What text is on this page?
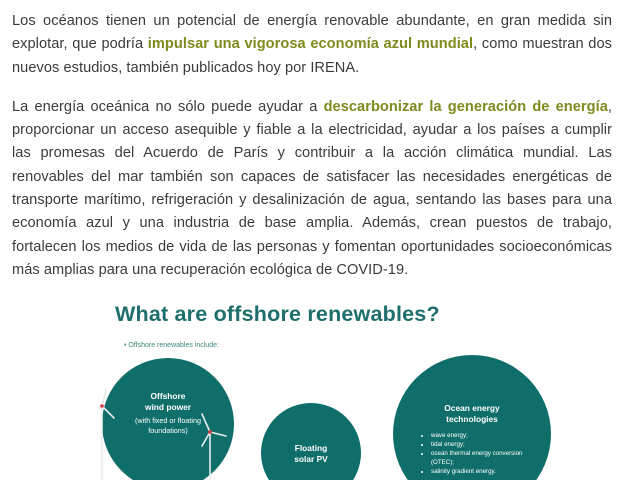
Los océanos tienen un potencial de energía renovable abundante, en gran medida sin explotar, que podría impulsar una vigorosa economía azul mundial, como muestran dos nuevos estudios, también publicados hoy por IRENA.

La energía oceánica no sólo puede ayudar a descarbonizar la generación de energía, proporcionar un acceso asequible y fiable a la electricidad, ayudar a los países a cumplir las promesas del Acuerdo de París y contribuir a la acción climática mundial. Las renovables del mar también son capaces de satisfacer las necesidades energéticas de transporte marítimo, refrigeración y desalinización de agua, sentando las bases para una economía azul y una industria de base amplia. Además, crean puestos de trabajo, fortalecen los medios de vida de las personas y fomentan oportunidades socioeconómicas más amplias para una recuperación ecológica de COVID-19.

What are offshore renewables?
• Offshore renewables include:
Offshore
wind power
(with fixed or floating
foundations)
Floating
solar PV
Ocean energy
technologies
• wave energy;
• tidal energy;
• ocean thermal energy conversion (OTEC);
• salinity gradient energy.
